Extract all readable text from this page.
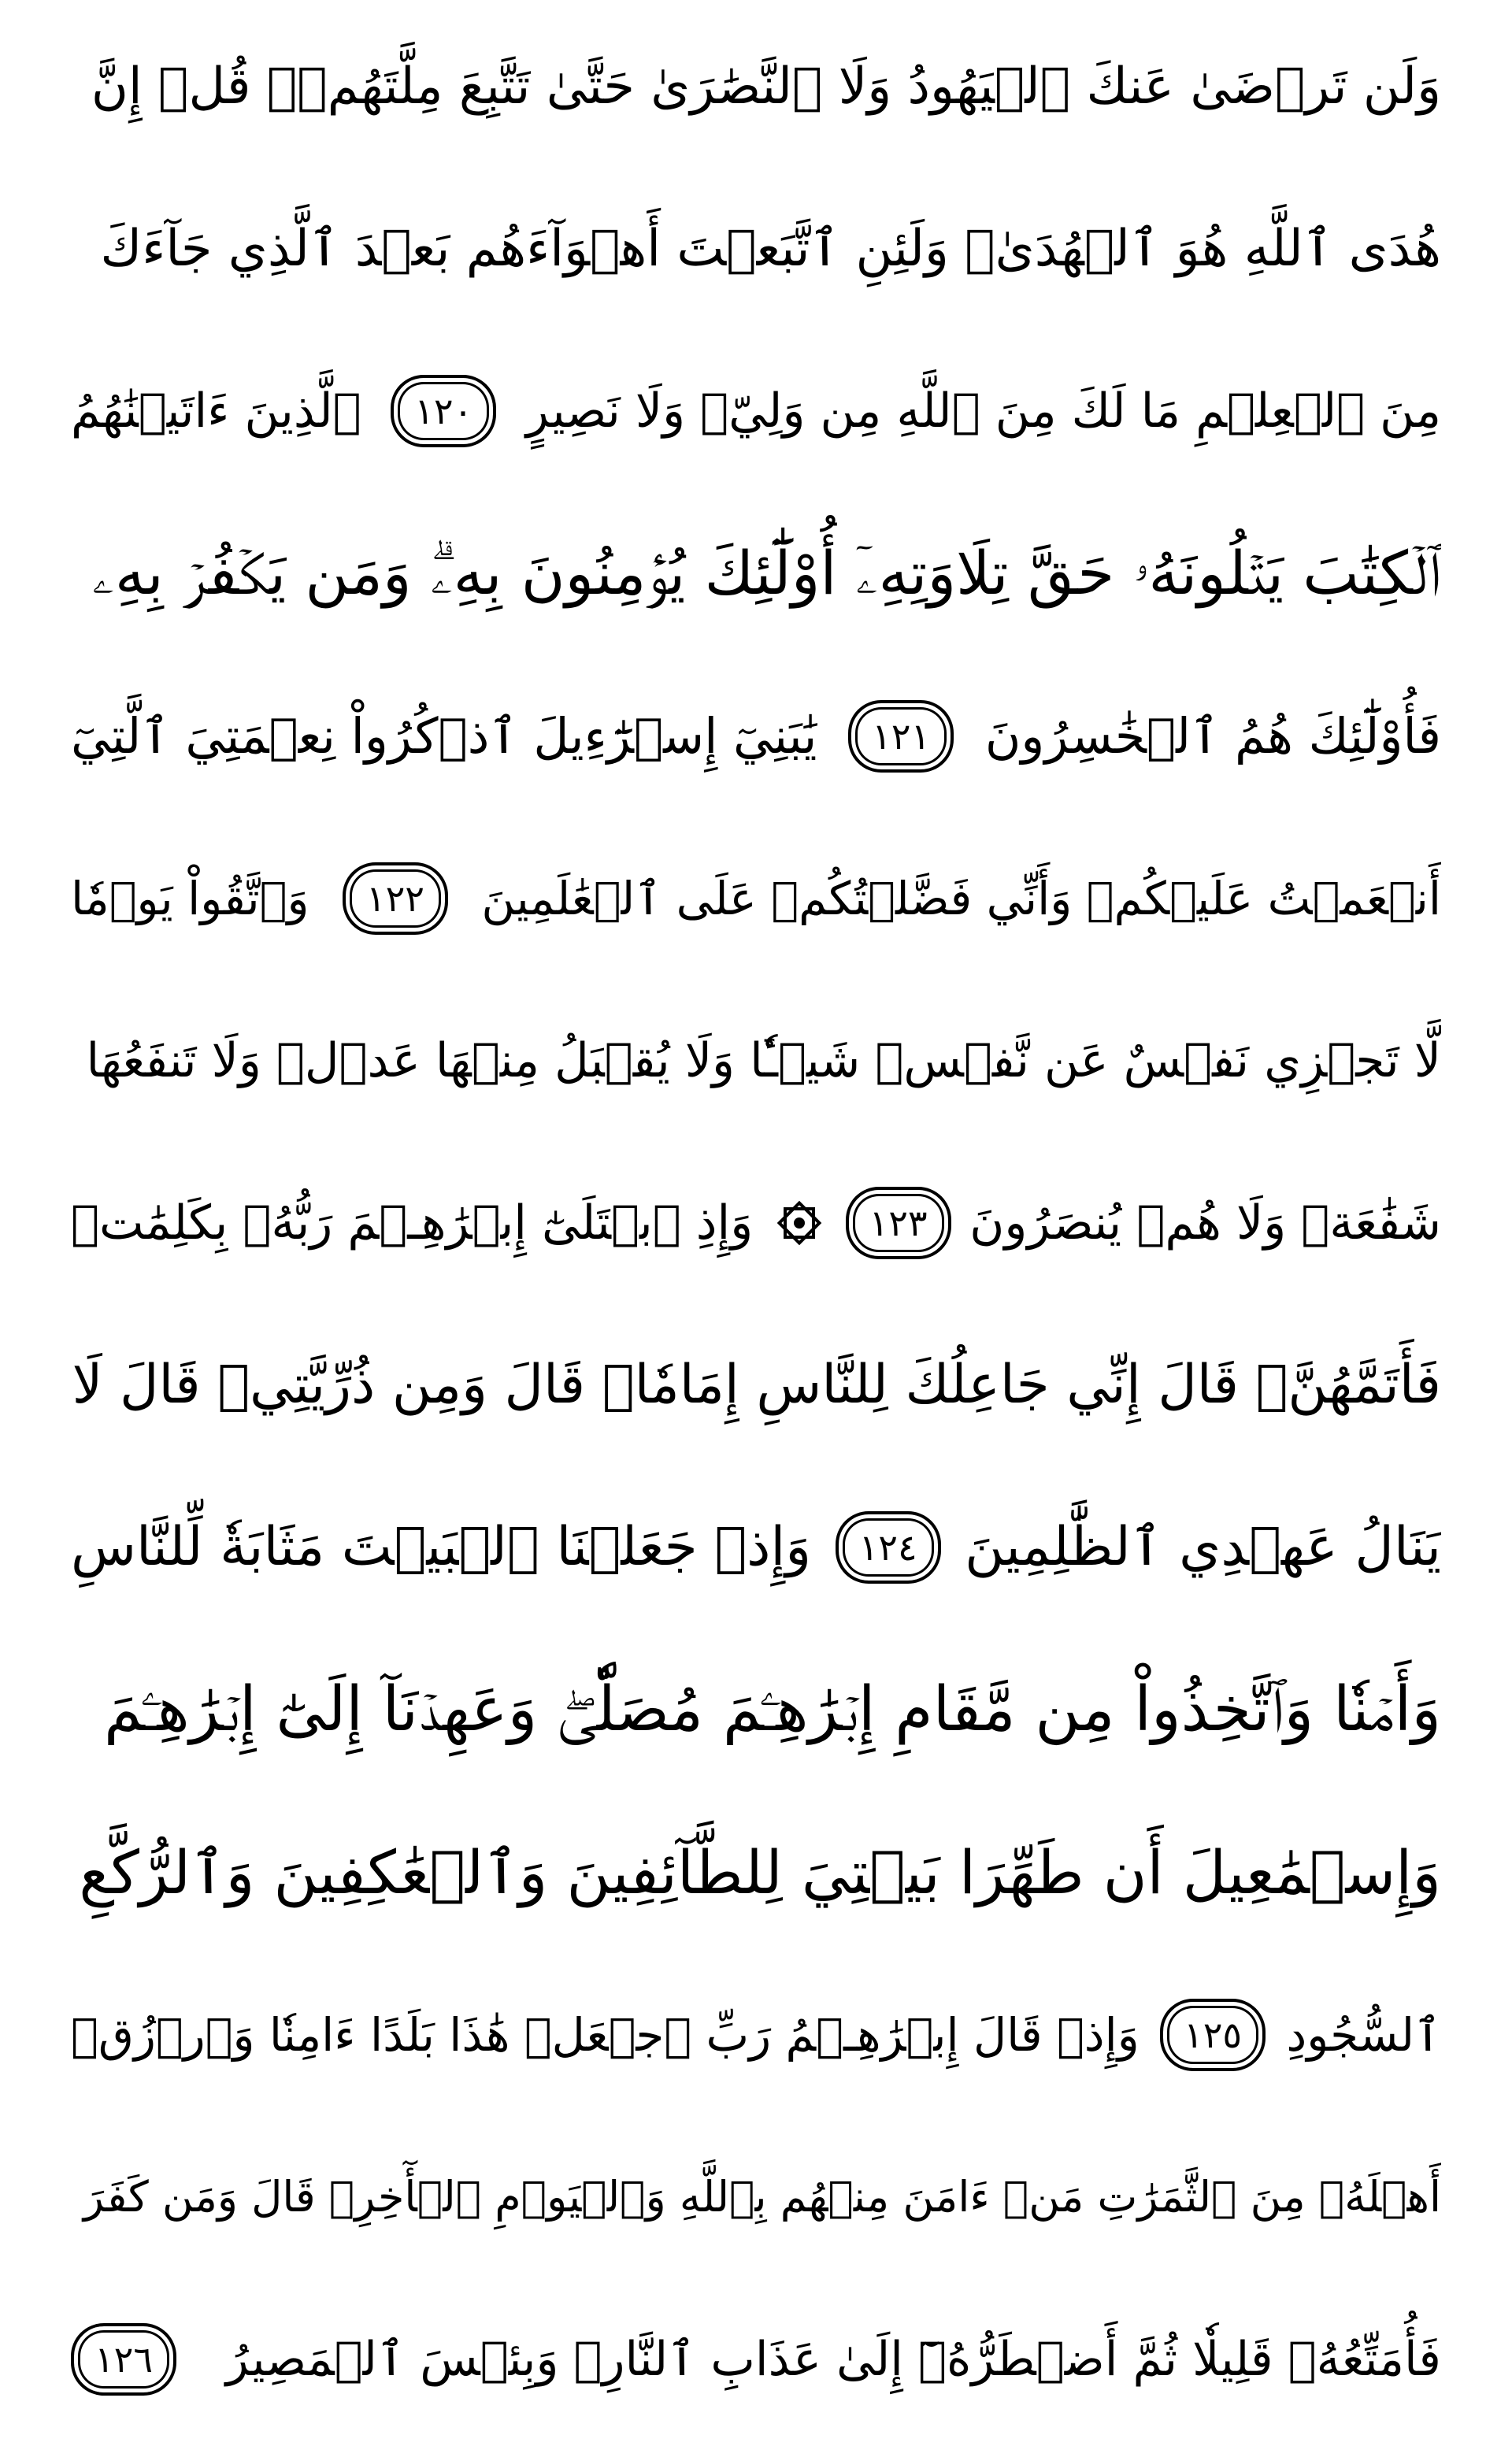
وَلَن تَرۡضَىٰ عَنكَ ٱلۡيَهُودُ وَلَا ٱلنَّصَٰرَىٰ حَتَّىٰ تَتَّبِعَ مِلَّتَهُمۡۗ قُلۡ إِنَّ
هُدَى ٱللَّهِ هُوَ ٱلۡهُدَىٰۗ وَلَئِنِ ٱتَّبَعۡتَ أَهۡوَآءَهُم بَعۡدَ ٱلَّذِي جَآءَكَ
مِنَ ٱلۡعِلۡمِ مَا لَكَ مِنَ ٱللَّهِ مِن وَلِيّٖ وَلَا نَصِيرٍ
١٢٠
ٱلَّذِينَ ءَاتَيۡنَٰهُمُ
ٱلۡكِتَٰبَ يَتۡلُونَهُۥ حَقَّ تِلَاوَتِهِۦٓ أُوْلَٰٓئِكَ يُؤۡمِنُونَ بِهِۦۗ وَمَن يَكۡفُرۡ بِهِۦ
فَأُوْلَٰٓئِكَ هُمُ ٱلۡخَٰسِرُونَ
١٢١
يَٰبَنِيٓ إِسۡرَٰٓءِيلَ ٱذۡكُرُواْ نِعۡمَتِيَ ٱلَّتِيٓ
أَنۡعَمۡتُ عَلَيۡكُمۡ وَأَنِّي فَضَّلۡتُكُمۡ عَلَى ٱلۡعَٰلَمِينَ
١٢٢
وَٱتَّقُواْ يَوۡمٗا
لَّا تَجۡزِي نَفۡسٌ عَن نَّفۡسٖ شَيۡـٔٗا وَلَا يُقۡبَلُ مِنۡهَا عَدۡلٞ وَلَا تَنفَعُهَا
شَفَٰعَةٞ وَلَا هُمۡ يُنصَرُونَ
١٢٣
وَإِذِ ٱبۡتَلَىٰٓ إِبۡرَٰهِـۧمَ رَبُّهُۥ بِكَلِمَٰتٖ
فَأَتَمَّهُنَّۖ قَالَ إِنِّي جَاعِلُكَ لِلنَّاسِ إِمَامٗاۖ قَالَ وَمِن ذُرِّيَّتِيۖ قَالَ لَا
يَنَالُ عَهۡدِي ٱلظَّٰلِمِينَ
١٢٤
وَإِذۡ جَعَلۡنَا ٱلۡبَيۡتَ مَثَابَةٗ لِّلنَّاسِ
وَأَمۡنٗا وَٱتَّخِذُواْ مِن مَّقَامِ إِبۡرَٰهِـۧمَ مُصَلّٗىۖ وَعَهِدۡنَآ إِلَىٰٓ إِبۡرَٰهِـۧمَ
وَإِسۡمَٰعِيلَ أَن طَهِّرَا بَيۡتِيَ لِلطَّآئِفِينَ وَٱلۡعَٰكِفِينَ وَٱلرُّكَّعِ
ٱلسُّجُودِ
١٢٥
وَإِذۡ قَالَ إِبۡرَٰهِـۧمُ رَبِّ ٱجۡعَلۡ هَٰذَا بَلَدًا ءَامِنٗا وَٱرۡزُقۡ
أَهۡلَهُۥ مِنَ ٱلثَّمَرَٰتِ مَنۡ ءَامَنَ مِنۡهُم بِٱللَّهِ وَٱلۡيَوۡمِ ٱلۡأٓخِرِۖ قَالَ وَمَن كَفَرَ
فَأُمَتِّعُهُۥ قَلِيلٗا ثُمَّ أَضۡطَرُّهُۥٓ إِلَىٰ عَذَابِ ٱلنَّارِۖ وَبِئۡسَ ٱلۡمَصِيرُ
١٢٦
